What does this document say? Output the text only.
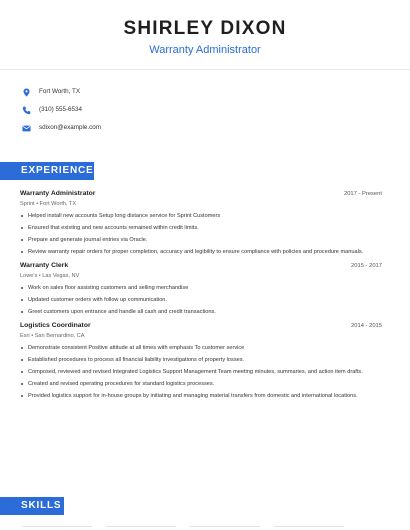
SHIRLEY DIXON
Warranty Administrator
Fort Worth, TX
(310) 555-6534
sdixon@example.com
EXPERIENCE
Warranty Administrator	2017 - Present
Sprint • Fort Worth, TX
Helped install new accounts Setup long distance service for Sprint Customers
Ensured that existing and new accounts remained within credit limits.
Prepare and generate journal entries via Oracle.
Review warranty repair orders for proper completion, accuracy and legibility to ensure compliance with policies and procedure manuals.
Warranty Clerk	2015 - 2017
Lowe's • Las Vegas, NV
Work on sales floor assisting customers and selling merchandise
Updated customer orders with follow up communication.
Greet customers upon entrance and handle all cash and credit transactions.
Logistics Coordinator	2014 - 2015
Esri • San Bernardino, CA
Demonstrate consistent Positive attitude at all times with emphasis To customer service
Established procedures to process all financial liability investigations of property losses.
Composed, reviewed and revised Integrated Logistics Support Management Team meeting minutes, summaries, and action item drafts.
Created and revised operating procedures for standard logistics processes.
Provided logistics support for in-house groups by initiating and managing material transfers from domestic and international locations.
SKILLS
